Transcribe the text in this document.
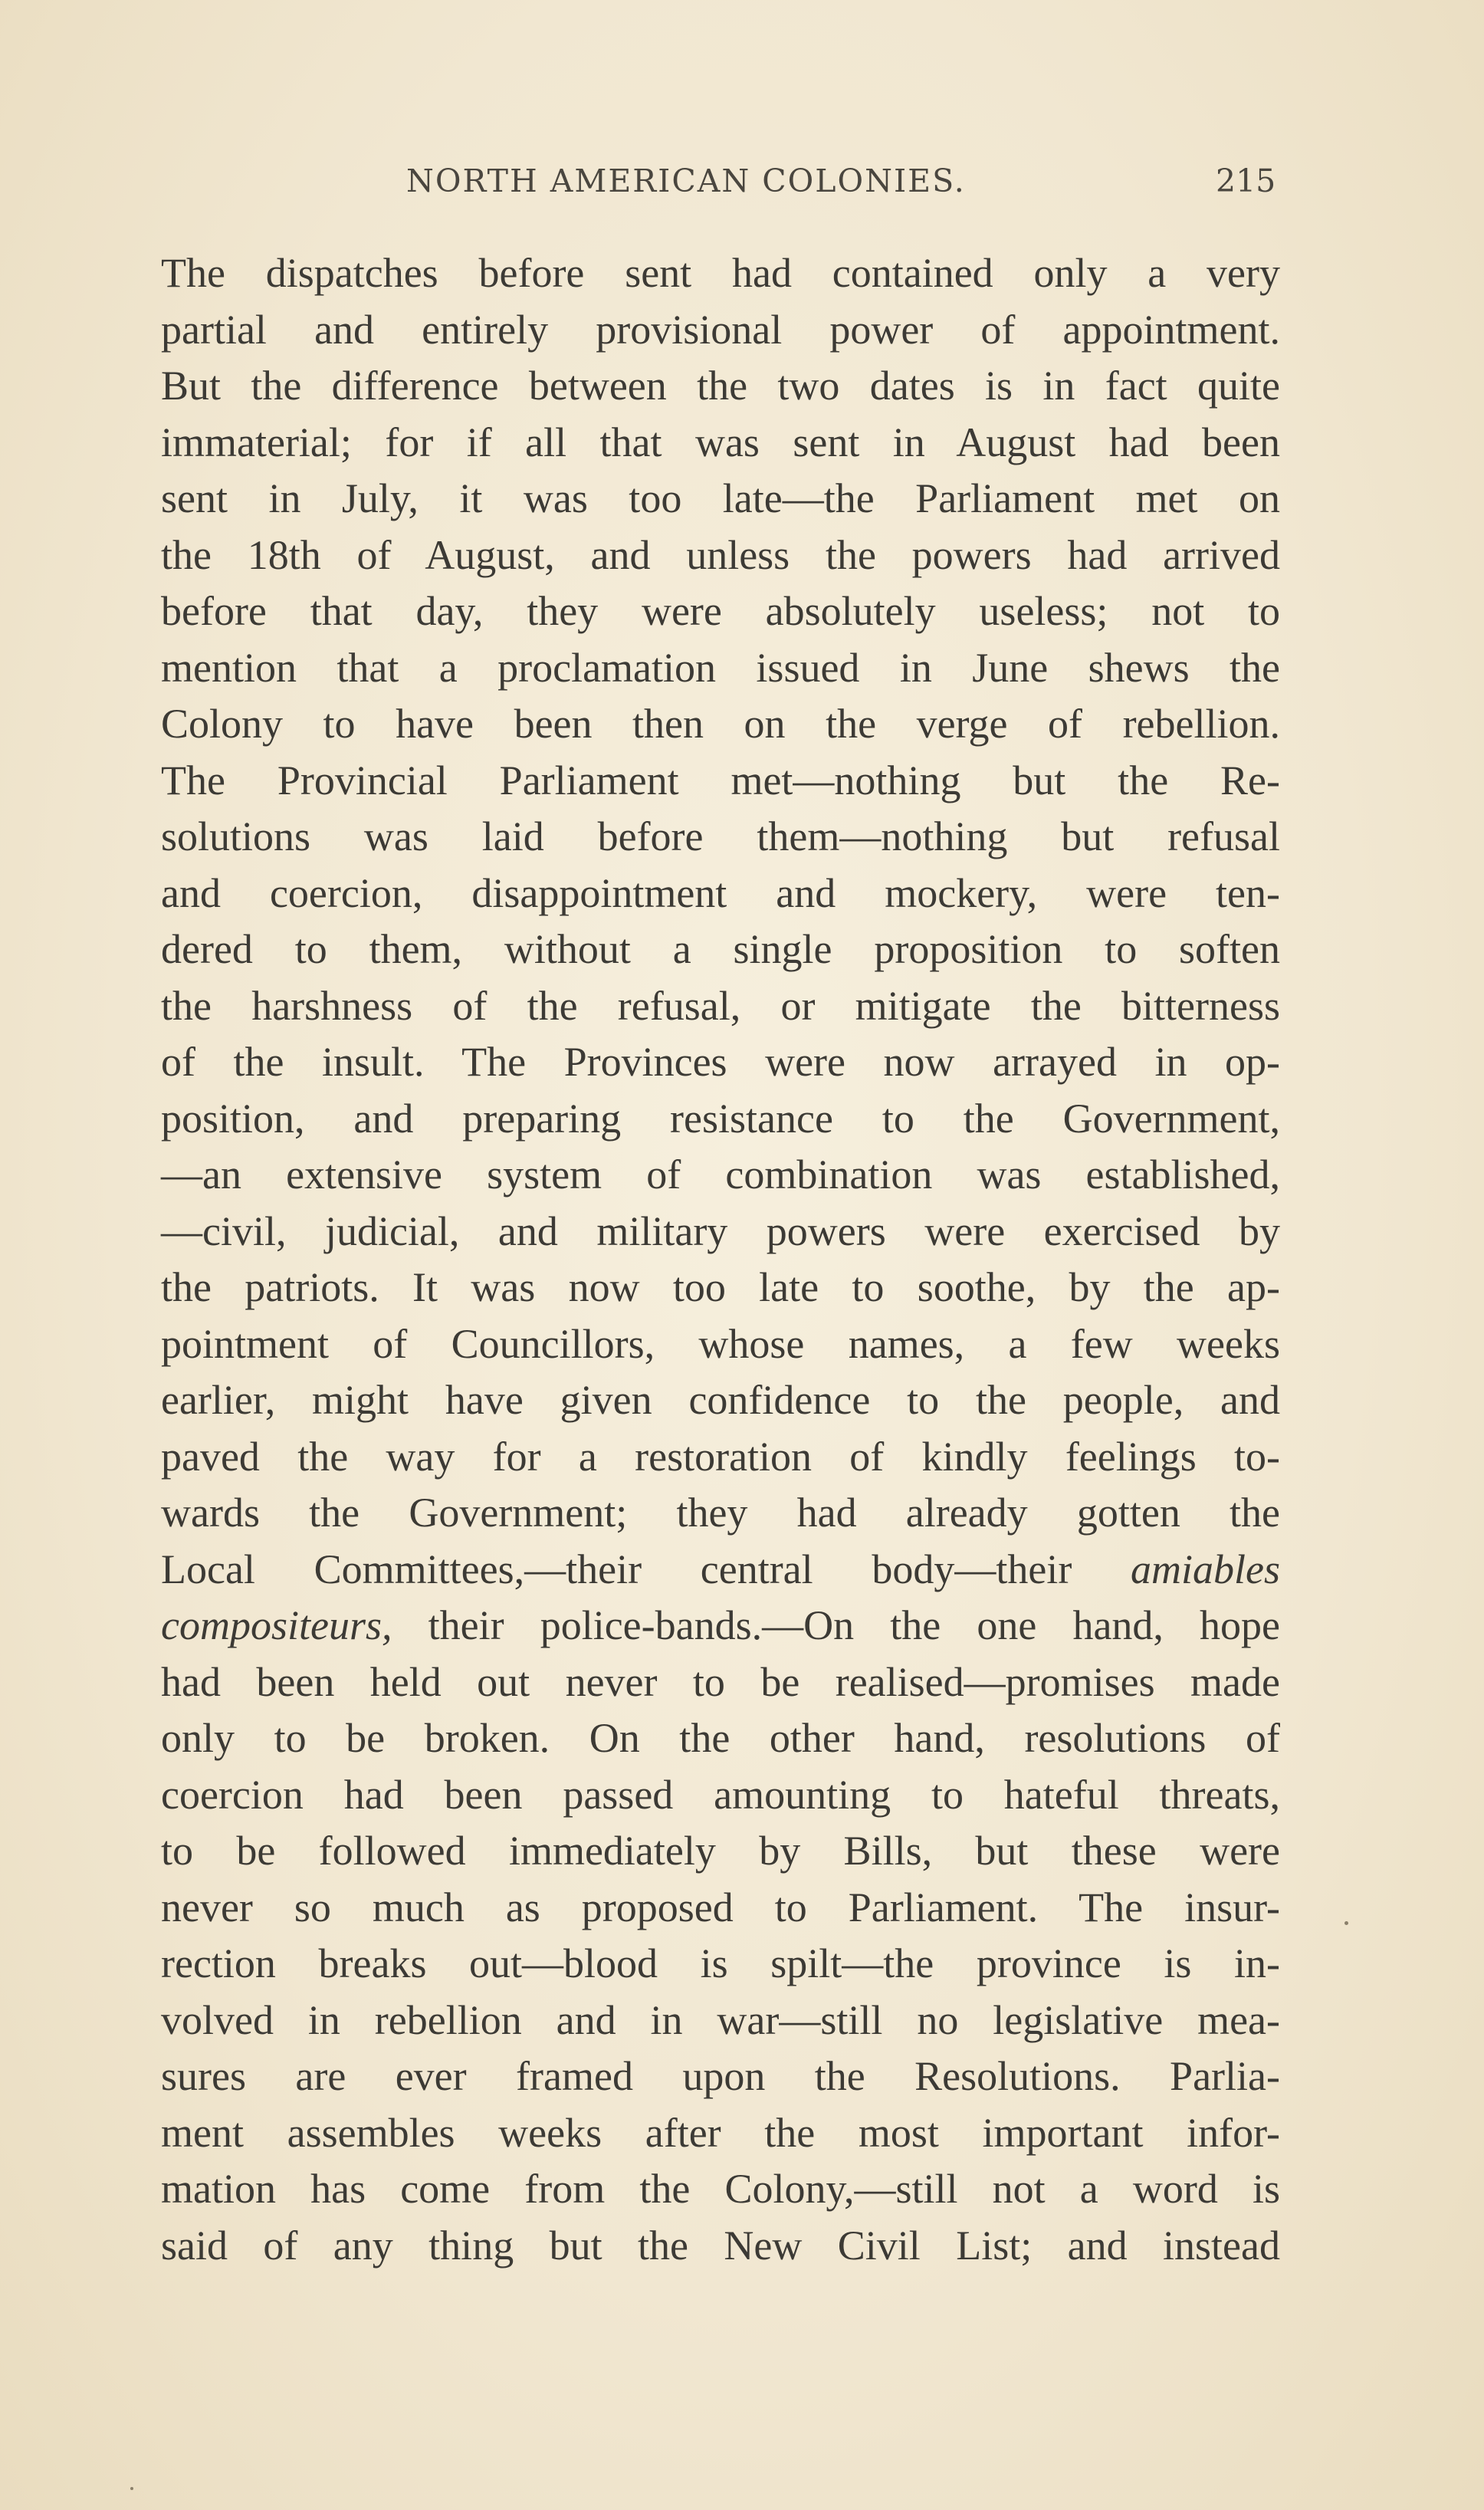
NORTH AMERICAN COLONIES.	215
The dispatches before sent had contained only a very
partial and entirely provisional power of appointment.
But the difference between the two dates is in fact quite
immaterial; for if all that was sent in August had been
sent in July, it was too late—the Parliament met on
the 18th of August, and unless the powers had arrived
before that day, they were absolutely useless; not to
mention that a proclamation issued in June shews the
Colony to have been then on the verge of rebellion.
The Provincial Parliament met—nothing but the Re-
solutions was laid before them—nothing but refusal
and coercion, disappointment and mockery, were ten-
dered to them, without a single proposition to soften
the harshness of the refusal, or mitigate the bitterness
of the insult. The Provinces were now arrayed in op-
position, and preparing resistance to the Government,
—an extensive system of combination was established,
—civil, judicial, and military powers were exercised by
the patriots. It was now too late to soothe, by the ap-
pointment of Councillors, whose names, a few weeks
earlier, might have given confidence to the people, and
paved the way for a restoration of kindly feelings to-
wards the Government; they had already gotten the
Local Committees,—their central body—their amiables
compositeurs, their police-bands.—On the one hand, hope
had been held out never to be realised—promises made
only to be broken. On the other hand, resolutions of
coercion had been passed amounting to hateful threats,
to be followed immediately by Bills, but these were
never so much as proposed to Parliament. The insur-
rection breaks out—blood is spilt—the province is in-
volved in rebellion and in war—still no legislative mea-
sures are ever framed upon the Resolutions. Parlia-
ment assembles weeks after the most important infor-
mation has come from the Colony,—still not a word is
said of any thing but the New Civil List; and instead
